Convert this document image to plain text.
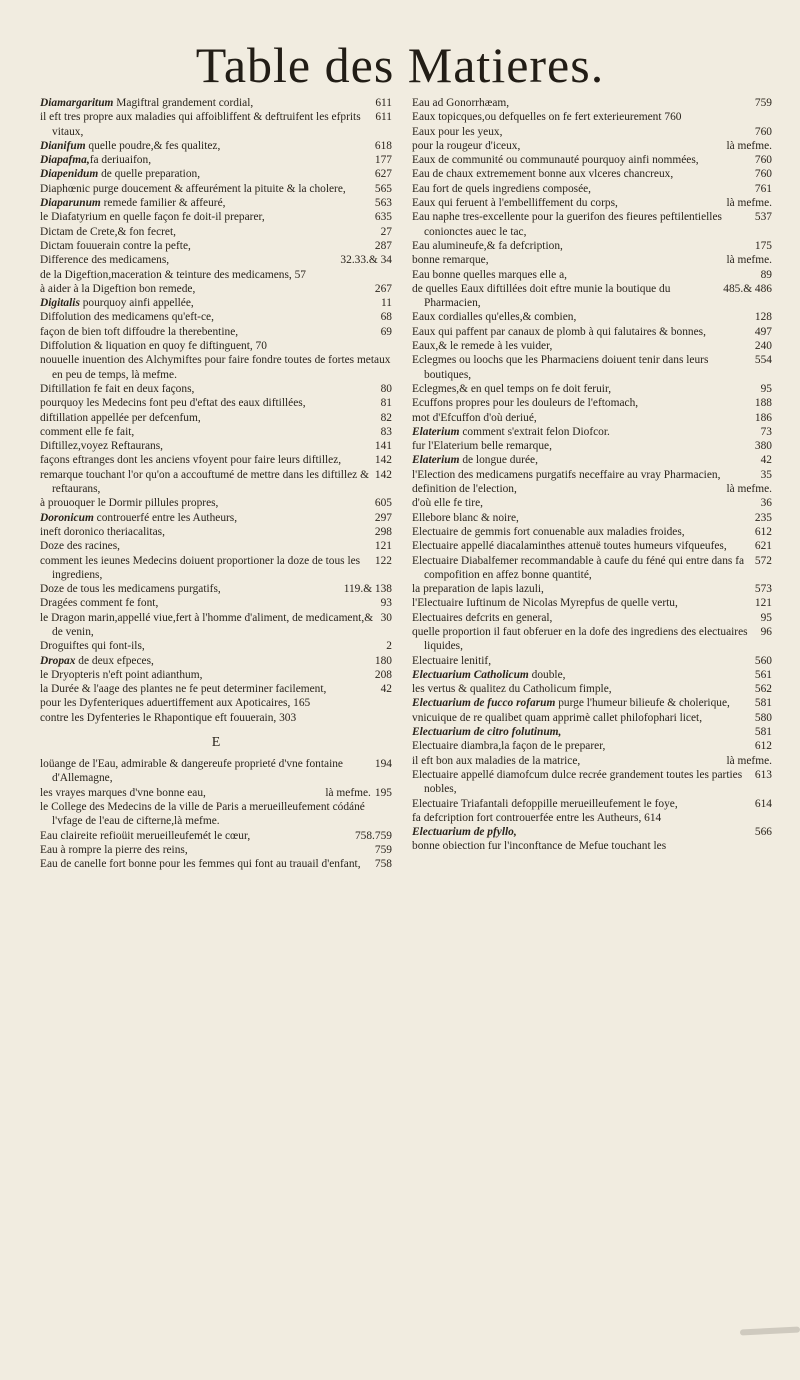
Table des Matieres.
611
Diamargaritum Magiftral grandement cordial,
611
il eft tres propre aux maladies qui affoibliffent & deftruifent les efprits vitaux,
618
Dianifum quelle poudre,& fes qualitez,
177
Diapafma,fa deriuaifon,
627
Diapenidum de quelle preparation,
565
Diaphœnic purge doucement & affeurément la pituite & la cholere,
563
Diaparunum remede familier & affeuré,
635
le Diafatyrium en quelle façon fe doit-il preparer,
27
Dictam de Crete,& fon fecret,
287
Dictam fouuerain contre la pefte,
32.33.& 34
Difference des medicamens,
de la Digeftion,maceration & teinture des medicamens, 57
267
à aider à la Digeftion bon remede,
11
Digitalis pourquoy ainfi appellée,
68
Diffolution des medicamens qu'eft-ce,
69
façon de bien toft diffoudre la therebentine,
Diffolution & liquation en quoy fe diftinguent, 70
nouuelle inuention des Alchymiftes pour faire fondre toutes de fortes metaux en peu de temps, là mefme.
80
Diftillation fe fait en deux façons,
81
pourquoy les Medecins font peu d'eftat des eaux diftillées,
82
diftillation appellée per defcenfum,
83
comment elle fe fait,
141
Diftillez,voyez Reftaurans,
142
façons eftranges dont les anciens vfoyent pour faire leurs diftillez,
142
remarque touchant l'or qu'on a accouftumé de mettre dans les diftillez & reftaurans,
605
à prouoquer le Dormir pillules propres,
297
Doronicum controuerfé entre les Autheurs,
298
ineft doronico theriacalitas,
121
Doze des racines,
122
comment les ieunes Medecins doiuent proportioner la doze de tous les ingrediens,
119.& 138
Doze de tous les medicamens purgatifs,
93
Dragées comment fe font,
30
le Dragon marin,appellé viue,fert à l'homme d'aliment, de medicament,& de venin,
2
Droguiftes qui font-ils,
180
Dropax de deux efpeces,
208
le Dryopteris n'eft point adianthum,
42
la Durée & l'aage des plantes ne fe peut determiner facilement,
pour les Dyfenteriques aduertiffement aux Apoticaires, 165
contre les Dyfenteries le Rhapontique eft fouuerain, 303
E
194
loüange de l'Eau, admirable & dangereufe proprieté d'vne fontaine d'Allemagne,
195
là mefme.
les vrayes marques d'vne bonne eau,
le College des Medecins de la ville de Paris a merueilleufement códáné l'vfage de l'eau de cifterne,là mefme.
758.759
Eau claireite refioüit merueilleufemét le cœur,
759
Eau à rompre la pierre des reins,
758
Eau de canelle fort bonne pour les femmes qui font au trauail d'enfant,
759
Eau ad Gonorrhæam,
Eaux topicques,ou defquelles on fe fert exterieurement 760
760
Eaux pour les yeux,
là mefme.
pour la rougeur d'iceux,
760
Eaux de communité ou communauté pourquoy ainfi nommées,
760
Eau de chaux extremement bonne aux vlceres chancreux,
761
Eau fort de quels ingrediens composée,
là mefme.
Eaux qui feruent à l'embelliffement du corps,
537
Eau naphe tres-excellente pour la guerifon des fieures peftilentielles conionctes auec le tac,
175
Eau alumineufe,& fa defcription,
là mefme.
bonne remarque,
89
Eau bonne quelles marques elle a,
485.& 486
de quelles Eaux diftillées doit eftre munie la boutique du Pharmacien,
128
Eaux cordialles qu'elles,& combien,
497
Eaux qui paffent par canaux de plomb à qui falutaires & bonnes,
240
Eaux,& le remede à les vuider,
554
Eclegmes ou loochs que les Pharmaciens doiuent tenir dans leurs boutiques,
95
Eclegmes,& en quel temps on fe doit feruir,
188
Ecuffons propres pour les douleurs de l'eftomach,
186
mot d'Efcuffon d'où deriué,
73
Elaterium comment s'extrait felon Diofcor.
380
fur l'Elaterium belle remarque,
42
Elaterium de longue durée,
35
l'Election des medicamens purgatifs neceffaire au vray Pharmacien,
là mefme.
definition de l'election,
36
d'où elle fe tire,
235
Ellebore blanc & noire,
612
Electuaire de gemmis fort conuenable aux maladies froides,
621
Electuaire appellé diacalaminthes attenuë toutes humeurs vifqueufes,
572
Electuaire Diabalfemer recommandable à caufe du féné qui entre dans fa compofition en affez bonne quantité,
573
la preparation de lapis lazuli,
121
l'Electuaire Iuftinum de Nicolas Myrepfus de quelle vertu,
95
Electuaires defcrits en general,
96
quelle proportion il faut obferuer en la dofe des ingrediens des electuaires liquides,
560
Electuaire lenitif,
561
Electuarium Catholicum double,
562
les vertus & qualitez du Catholicum fimple,
581
Electuarium de fucco rofarum purge l'humeur bilieufe & cholerique,
580
vnicuique de re qualibet quam apprimè callet philofophari licet,
581
Electuarium de citro folutinum,
612
Electuaire diambra,la façon de le preparer,
là mefme.
il eft bon aux maladies de la matrice,
613
Electuaire appellé diamofcum dulce recrée grandement toutes les parties nobles,
614
Electuaire Triafantali defoppille merueilleufement le foye,
fa defcription fort controuerfée entre les Autheurs, 614
566
Electuarium de pfyllo,
bonne obiection fur l'inconftance de Mefue touchant les
